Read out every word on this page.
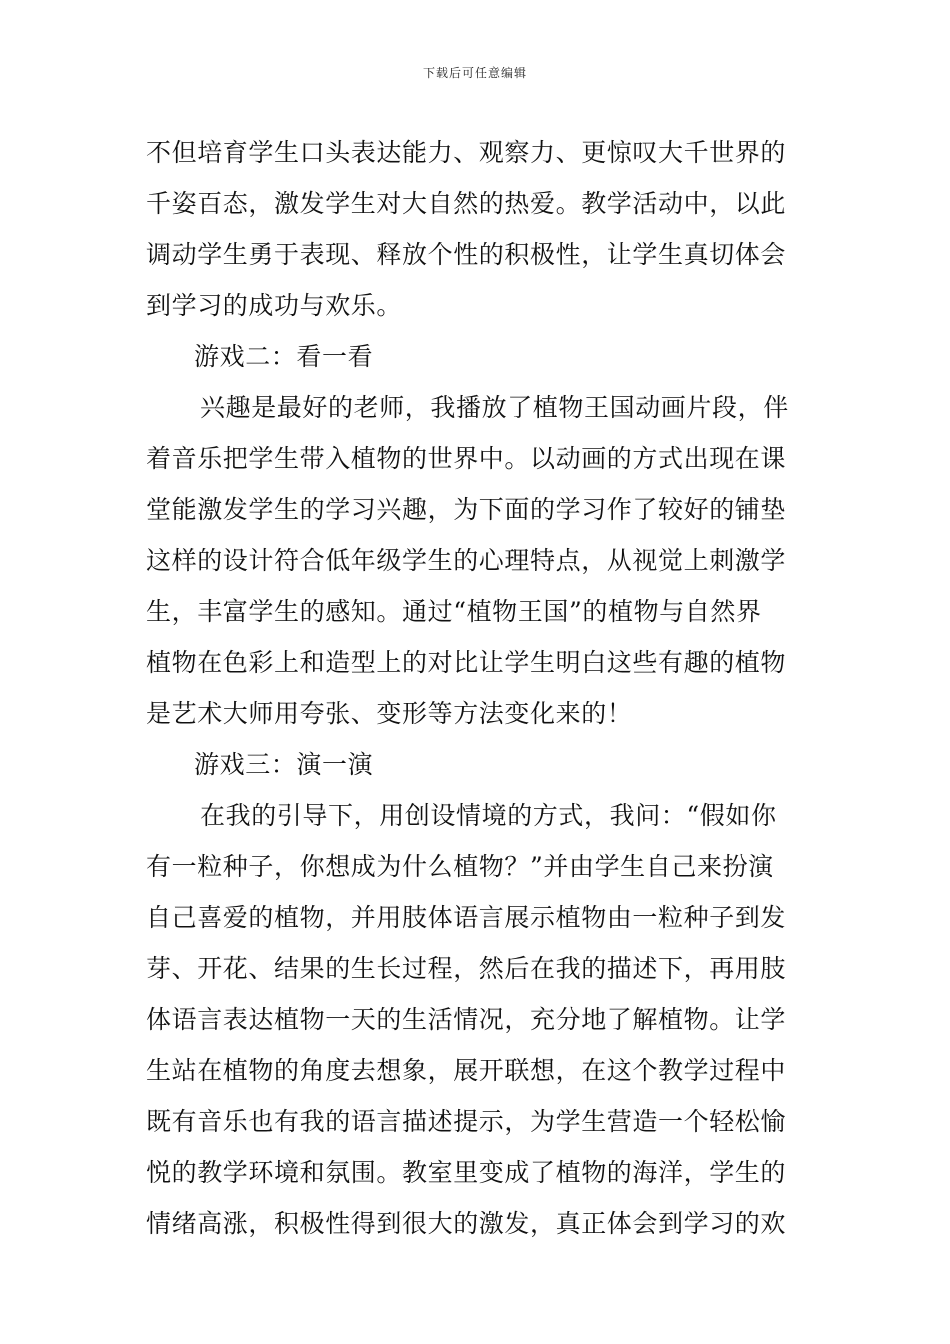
下载后可任意编辑
不但培育学生口头表达能力、观察力、更惊叹大千世界的
千姿百态，激发学生对大自然的热爱。教学活动中，以此
调动学生勇于表现、释放个性的积极性，让学生真切体会
到学习的成功与欢乐。
游戏二：看一看
兴趣是最好的老师，我播放了植物王国动画片段，伴
着音乐把学生带入植物的世界中。以动画的方式出现在课
堂能激发学生的学习兴趣，为下面的学习作了较好的铺垫
这样的设计符合低年级学生的心理特点，从视觉上刺激学
生，丰富学生的感知。通过“植物王国”的植物与自然界
植物在色彩上和造型上的对比让学生明白这些有趣的植物
是艺术大师用夸张、变形等方法变化来的！
游戏三：演一演
在我的引导下，用创设情境的方式，我问：“假如你
有一粒种子，你想成为什么植物？”并由学生自己来扮演
自己喜爱的植物，并用肢体语言展示植物由一粒种子到发
芽、开花、结果的生长过程，然后在我的描述下，再用肢
体语言表达植物一天的生活情况，充分地了解植物。让学
生站在植物的角度去想象，展开联想，在这个教学过程中
既有音乐也有我的语言描述提示，为学生营造一个轻松愉
悦的教学环境和氛围。教室里变成了植物的海洋，学生的
情绪高涨，积极性得到很大的激发，真正体会到学习的欢
